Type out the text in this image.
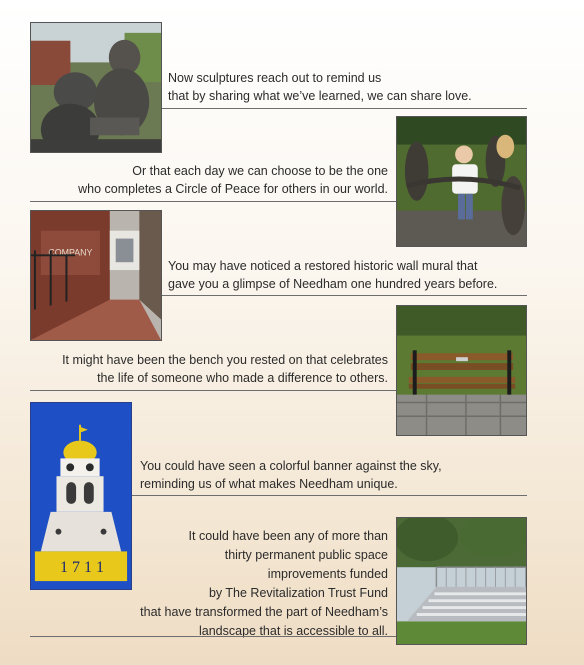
Now sculptures reach out to remind us
that by sharing what we’ve learned, we can share love.
Or that each day we can choose to be the one
who completes a Circle of Peace for others in our world.
COMPANY
You may have noticed a restored historic wall mural that
gave you a glimpse of Needham one hundred years before.
It might have been the bench you rested on that celebrates
the life of someone who made a difference to others.
1 7 1 1
You could have seen a colorful banner against the sky,
reminding us of what makes Needham unique.
It could have been any of more than
thirty permanent public space
improvements funded
by The Revitalization Trust Fund
that have transformed the part of Needham’s
landscape that is accessible to all.
